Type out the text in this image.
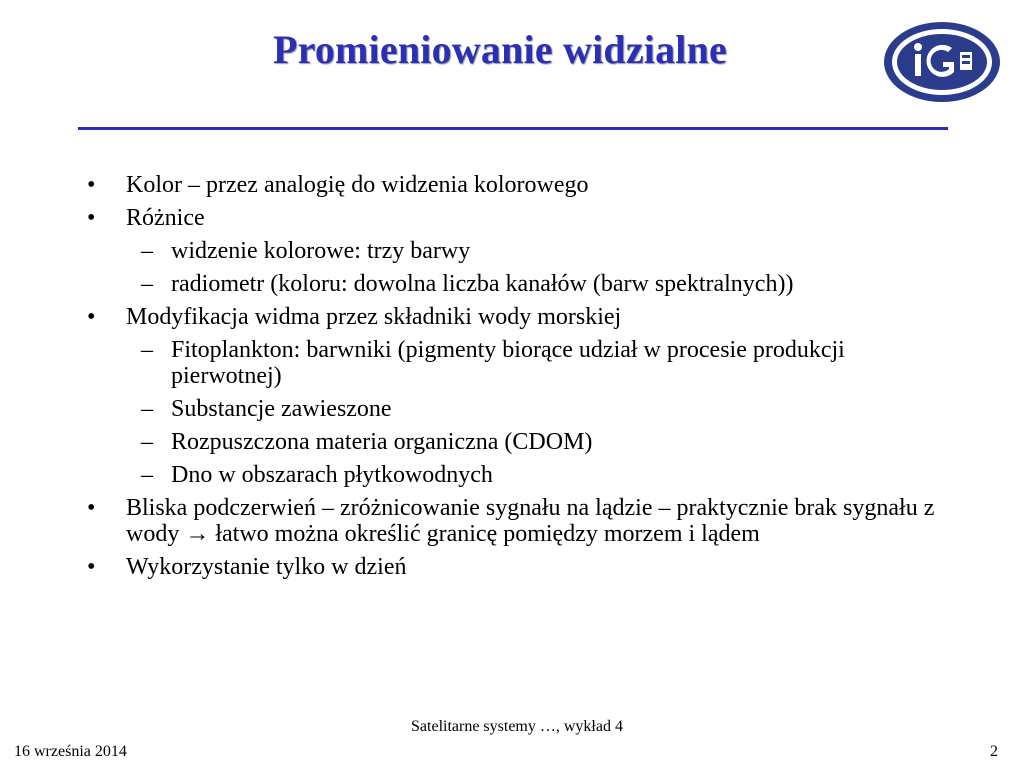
Promieniowanie widzialne
• Kolor – przez analogię do widzenia kolorowego
• Różnice
– widzenie kolorowe: trzy barwy
– radiometr (koloru: dowolna liczba kanałów (barw spektralnych))
• Modyfikacja widma przez składniki wody morskiej
– Fitoplankton: barwniki (pigmenty biorące udział w procesie produkcji pierwotnej)
– Substancje zawieszone
– Rozpuszczona materia organiczna (CDOM)
– Dno w obszarach płytkowodnych
• Bliska podczerwień – zróżnicowanie sygnału na lądzie – praktycznie brak sygnału z wody → łatwo można określić granicę pomiędzy morzem i lądem
• Wykorzystanie tylko w dzień
Satelitarne systemy …, wykład 4
16 września 2014	2
